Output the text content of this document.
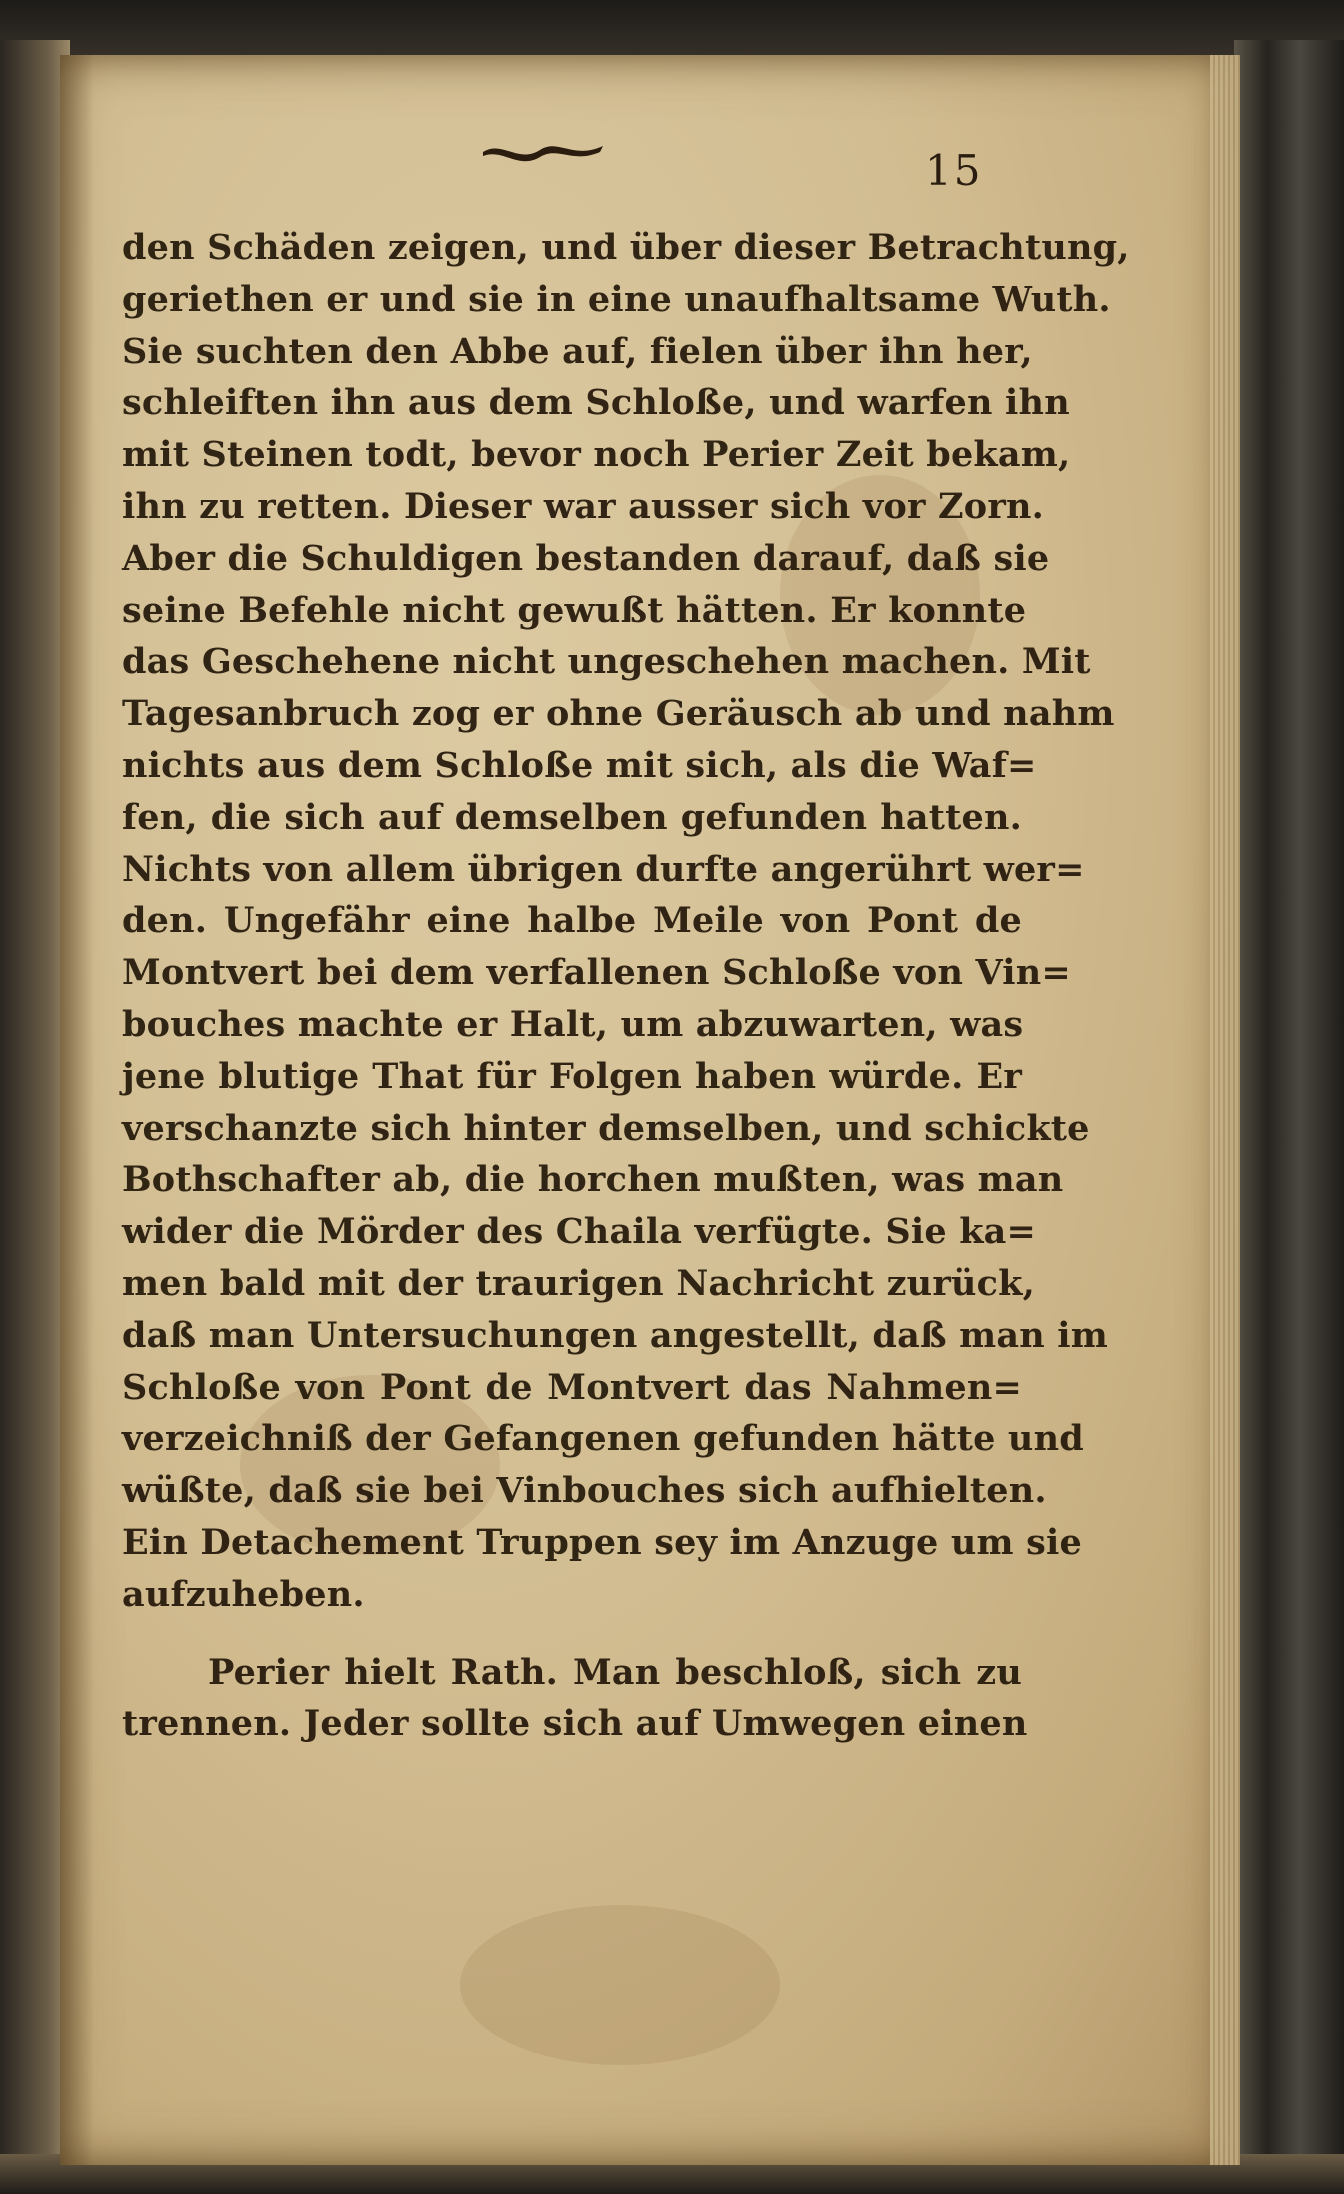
15
den Schäden zeigen, und über dieser Betrachtung,
geriethen er und sie in eine unaufhaltsame Wuth.
Sie suchten den Abbe auf, fielen über ihn her,
schleiften ihn aus dem Schloße, und warfen ihn
mit Steinen todt, bevor noch Perier Zeit bekam,
ihn zu retten. Dieser war ausser sich vor Zorn.
Aber die Schuldigen bestanden darauf, daß sie
seine Befehle nicht gewußt hätten. Er konnte
das Geschehene nicht ungeschehen machen. Mit
Tagesanbruch zog er ohne Geräusch ab und nahm
nichts aus dem Schloße mit sich, als die Waf=
fen, die sich auf demselben gefunden hatten.
Nichts von allem übrigen durfte angerührt wer=
den. Ungefähr eine halbe Meile von Pont de
Montvert bei dem verfallenen Schloße von Vin=
bouches machte er Halt, um abzuwarten, was
jene blutige That für Folgen haben würde. Er
verschanzte sich hinter demselben, und schickte
Bothschafter ab, die horchen mußten, was man
wider die Mörder des Chaila verfügte. Sie ka=
men bald mit der traurigen Nachricht zurück,
daß man Untersuchungen angestellt, daß man im
Schloße von Pont de Montvert das Nahmen=
verzeichniß der Gefangenen gefunden hätte und
wüßte, daß sie bei Vinbouches sich aufhielten.
Ein Detachement Truppen sey im Anzuge um sie
aufzuheben.
Perier hielt Rath. Man beschloß, sich zu
trennen. Jeder sollte sich auf Umwegen einen
